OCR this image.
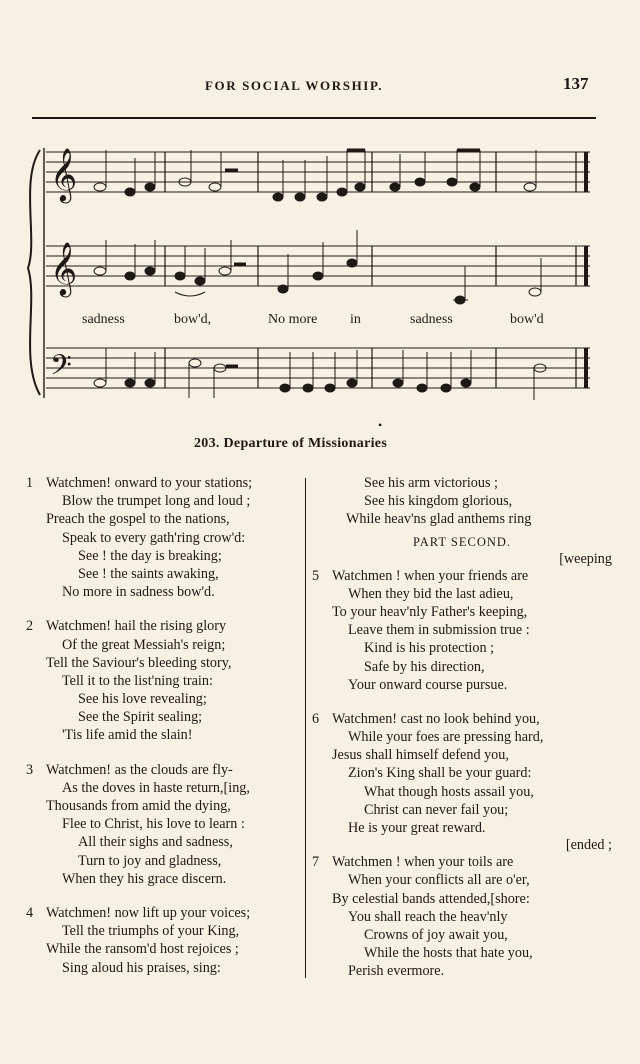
FOR SOCIAL WORSHIP.	137
𝄞
𝄞
𝄢
sadness	bow'd,	No more in	sadness	bow'd
•
203. Departure of Missionaries
1 Watchmen! onward to your stations;
Blow the trumpet long and loud ;
Preach the gospel to the nations,
Speak to every gath'ring crow'd:
See ! the day is breaking;
See ! the saints awaking,
No more in sadness bow'd.
2 Watchmen! hail the rising glory
Of the great Messiah's reign;
Tell the Saviour's bleeding story,
Tell it to the list'ning train:
See his love revealing;
See the Spirit sealing;
'Tis life amid the slain!
3 Watchmen! as the clouds are fly-
As the doves in haste return,[ing,
Thousands from amid the dying,
Flee to Christ, his love to learn :
All their sighs and sadness,
Turn to joy and gladness,
When they his grace discern.
4 Watchmen! now lift up your voices;
Tell the triumphs of your King,
While the ransom'd host rejoices ;
Sing aloud his praises, sing:
See his arm victorious ;
See his kingdom glorious,
While heav'ns glad anthems ring
PART SECOND.
[weeping
5 Watchmen ! when your friends are
When they bid the last adieu,
To your heav'nly Father's keeping,
Leave them in submission true :
Kind is his protection ;
Safe by his direction,
Your onward course pursue.
6 Watchmen! cast no look behind you,
While your foes are pressing hard,
Jesus shall himself defend you,
Zion's King shall be your guard:
What though hosts assail you,
Christ can never fail you;
He is your great reward.
[ended ;
7 Watchmen ! when your toils are
When your conflicts all are o'er,
By celestial bands attended,[shore:
You shall reach the heav'nly
Crowns of joy await you,
While the hosts that hate you,
Perish evermore.
